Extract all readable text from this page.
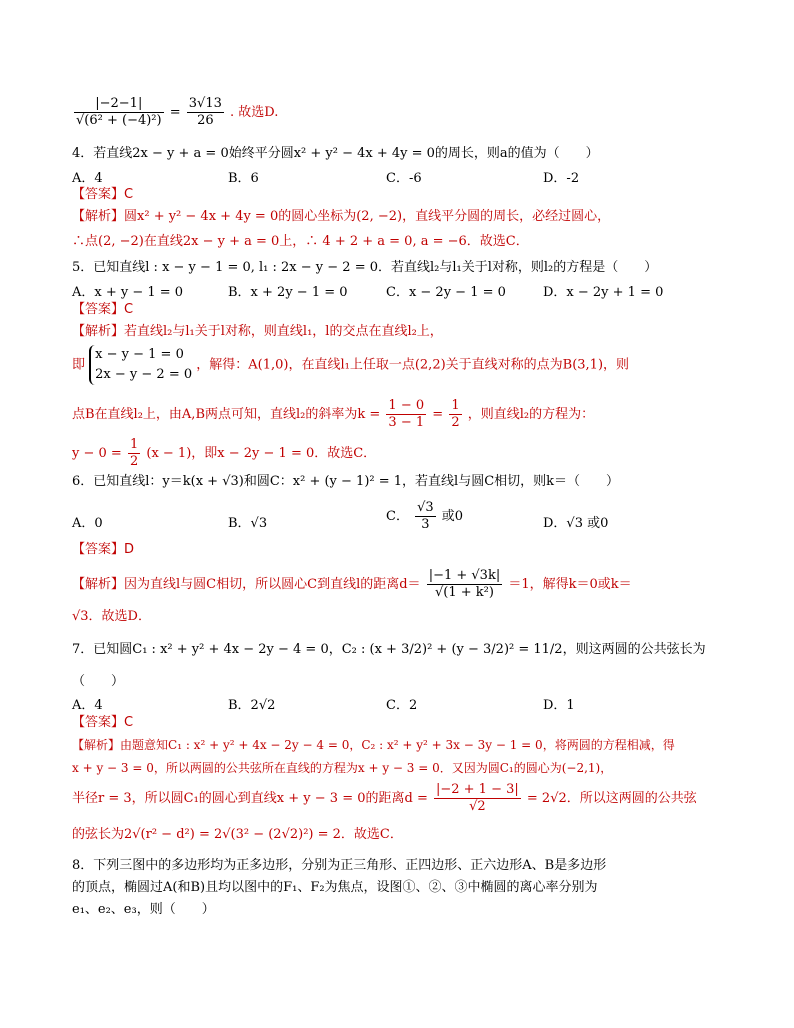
$\frac{|-2-1|}{\text{√(6² + (−4)²)}} = \frac{3√13}{26}$ . 故选D.
4．若直线2x − y + a = 0始终平分圆x² + y² − 4x + 4y = 0的周长，则a的值为（　　）
A．4	B．6	C．-6	D．-2
【答案】C
【解析】圆x² + y² − 4x + 4y = 0的圆心坐标为(2, −2)，直线平分圆的周长，必经过圆心，
∴点(2, −2)在直线2x − y + a = 0上，∴ 4 + 2 + a = 0, a = −6．故选C．
5．已知直线l : x − y − 1 = 0, l₁ : 2x − y − 2 = 0．若直线l₂与l₁关于l对称，则l₂的方程是（　　）
A．x + y − 1 = 0	B．x + 2y − 1 = 0	C．x − 2y − 1 = 0	D．x − 2y + 1 = 0
【答案】C
【解析】若直线l₂与l₁关于l对称，则直线l₁，l的交点在直线l₂上，
即
x − y − 1 = 0
2x − y − 2 = 0
，解得：A(1,0)，在直线l₁上任取一点(2,2)关于直线对称的点为B(3,1)，则
点B在直线l₂上，由A,B两点可知，直线l₂的斜率为$k = \frac{1 - 0}{3 - 1} = \frac{1}{2}$ ，则直线l₂的方程为：
$y - 0 = \frac{1}{2} (x - 1)$，即x − 2y − 1 = 0．故选C．
6．已知直线l：y＝k(x + √3)和圆C：x² + (y − 1)² = 1，若直线l与圆C相切，则k＝（　　）
A．0	B．√3	C． $\frac{√3}{3}$ 或0	D．√3 或0
【答案】D
【解析】因为直线l与圆C相切，所以圆心C到直线l的距离$d= \frac{|-1 + √3k|}{\text{√(1 + k²)}} =1$，解得k＝0或k＝
√3．故选D．
7．已知圆C₁ : x² + y² + 4x − 2y − 4 = 0，C₂ : (x + 3/2)² + (y − 3/2)² = 11/2，则这两圆的公共弦长为
（　　）
A．4	B．2√2	C．2	D．1
【答案】C
【解析】由题意知C₁ : x² + y² + 4x − 2y − 4 = 0，C₂ : x² + y² + 3x − 3y − 1 = 0，将两圆的方程相减，得
x + y − 3 = 0，所以两圆的公共弦所在直线的方程为x + y − 3 = 0．又因为圆C₁的圆心为(−2,1)，
半径r = 3，所以圆C₁的圆心到直线x + y − 3 = 0的距离$d = \frac{|-2 + 1 - 3|}{√2} = 2√2$．所以这两圆的公共弦
的弦长为2√(r² − d²) = 2√(3² − (2√2)²) = 2．故选C．
8．下列三图中的多边形均为正多边形，分别为正三角形、正四边形、正六边形A、B是多边形
的顶点，椭圆过A(和B)且均以图中的F₁、F₂为焦点，设图①、②、③中椭圆的离心率分别为
e₁、e₂、e₃，则（　　）
